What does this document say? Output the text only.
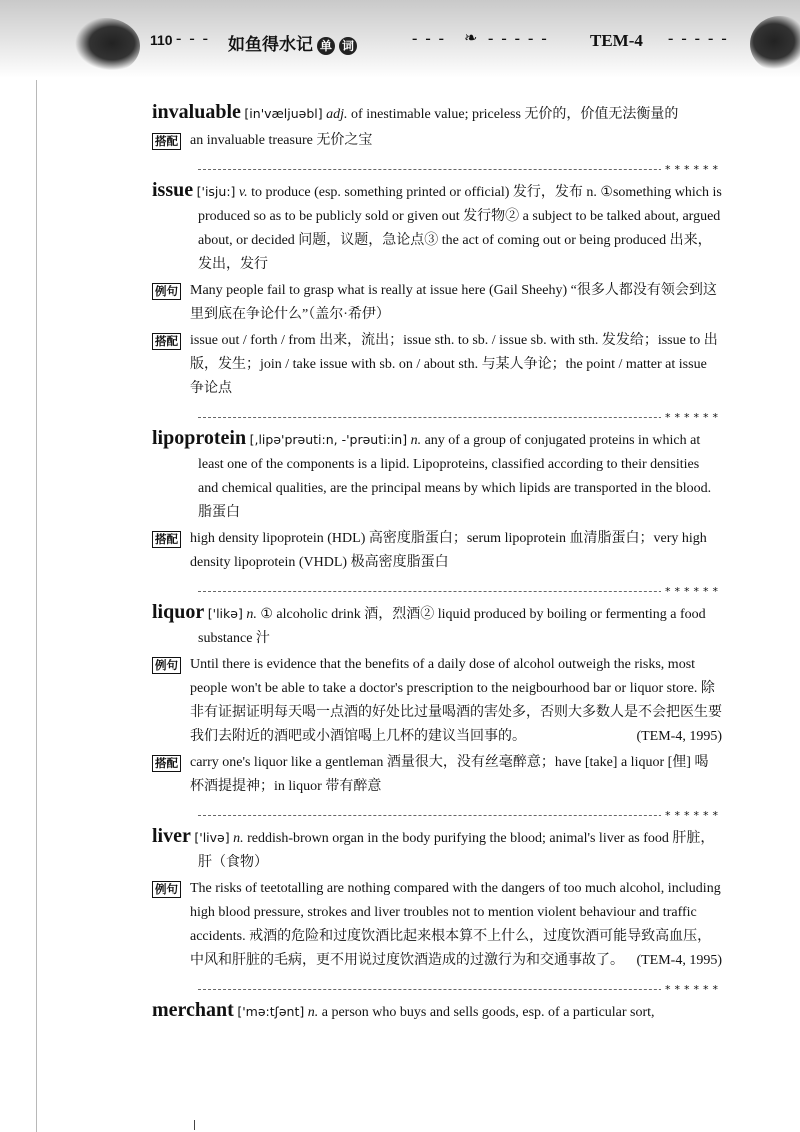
110 - - - 如鱼得水记 单 词	- - - ❧ - - - - - TEM-4 - - - - -

invaluable [in'væljuəbl] adj. of inestimable value; priceless 无价的，价值无法衡量的

搭配 an invaluable treasure 无价之宝
******

issue ['isju:] v. to produce (esp. something printed or official) 发行，发布 n. ①something which is produced so as to be publicly sold or given out 发行物② a subject to be talked about, argued about, or decided 问题，议题，急论点③ the act of coming out or being produced 出来，发出，发行

例句 Many people fail to grasp what is really at issue here (Gail Sheehy) “很多人都没有领会到这里到底在争论什么”（盖尔·希伊）
搭配 issue out / forth / from 出来，流出；issue sth. to sb. / issue sb. with sth. 发发给；issue to 出版，发生；join / take issue with sb. on / about sth. 与某人争论；the point / matter at issue 争论点
******

lipoprotein [,lipə'prəuti:n, -'prəuti:in] n. any of a group of conjugated proteins in which at least one of the components is a lipid. Lipoproteins, classified according to their densities and chemical qualities, are the principal means by which lipids are transported in the blood. 脂蛋白

搭配 high density lipoprotein (HDL) 高密度脂蛋白；serum lipoprotein 血清脂蛋白；very high density lipoprotein (VHDL) 极高密度脂蛋白
******

liquor ['likə] n. ① alcoholic drink 酒，烈酒② liquid produced by boiling or fermenting a food substance 汁

例句 Until there is evidence that the benefits of a daily dose of alcohol outweigh the risks, most people won't be able to take a doctor's prescription to the neigbourhood bar or liquor store. 除非有证据证明每天喝一点酒的好处比过量喝酒的害处多，否则大多数人是不会把医生要我们去附近的酒吧或小酒馆喝上几杯的建议当回事的。	(TEM-4, 1995)
搭配 carry one's liquor like a gentleman 酒量很大，没有丝毫醉意；have [take] a liquor [俚] 喝杯酒提提神；in liquor 带有醉意
******

liver ['livə] n. reddish-brown organ in the body purifying the blood; animal's liver as food 肝脏，肝（食物）

例句 The risks of teetotalling are nothing compared with the dangers of too much alcohol, including high blood pressure, strokes and liver troubles not to mention violent behaviour and traffic accidents. 戒酒的危险和过度饮酒比起来根本算不上什么，过度饮酒可能导致高血压，中风和肝脏的毛病，更不用说过度饮酒造成的过激行为和交通事故了。 (TEM-4, 1995)
******

merchant ['mə:tʃənt] n. a person who buys and sells goods, esp. of a particular sort,
